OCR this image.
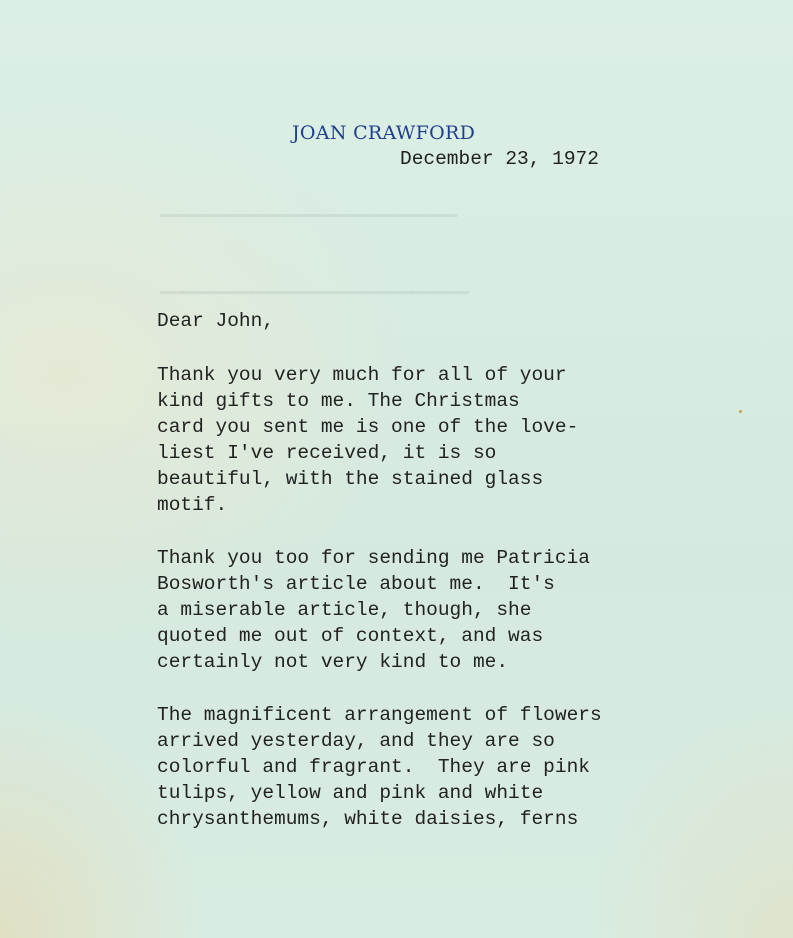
▔▔▔▔▔▔▔▔▔▔▔▔▔▔▔▔▔▔▔▔▔▔▔▔▔▔
▔▔▔▔▔▔▔▔▔▔▔▔▔▔▔▔▔▔▔▔▔▔▔▔▔▔▔
JOAN CRAWFORD
December 23, 1972
Dear John,
Thank you very much for all of your
kind gifts to me. The Christmas
card you sent me is one of the love-
liest I've received, it is so
beautiful, with the stained glass
motif.
Thank you too for sending me Patricia
Bosworth's article about me.  It's
a miserable article, though, she
quoted me out of context, and was
certainly not very kind to me.
The magnificent arrangement of flowers
arrived yesterday, and they are so
colorful and fragrant.  They are pink
tulips, yellow and pink and white
chrysanthemums, white daisies, ferns
